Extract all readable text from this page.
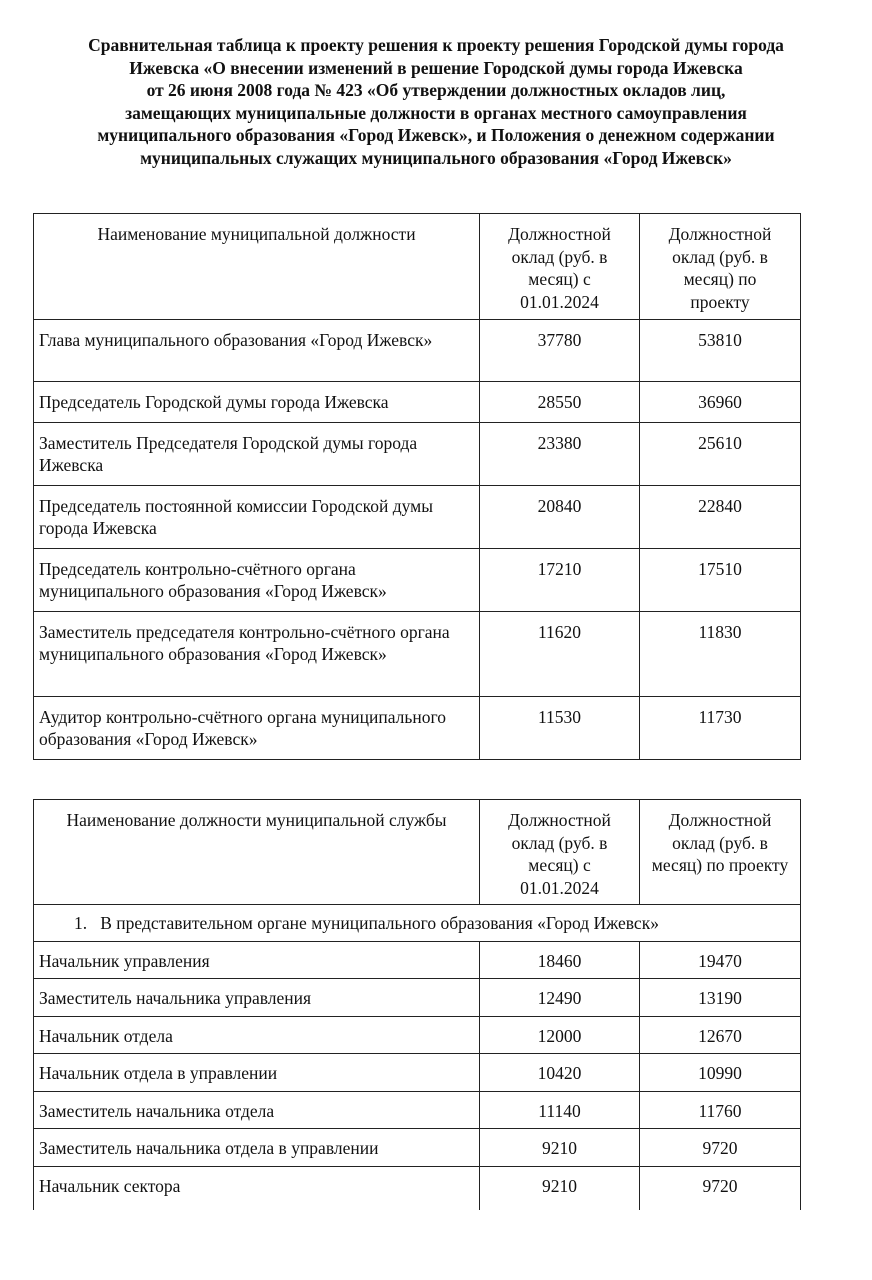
Сравнительная таблица к проекту решения к проекту решения Городской думы города
Ижевска «О внесении изменений в решение Городской думы города Ижевска
от 26 июня 2008 года № 423 «Об утверждении должностных окладов лиц,
замещающих муниципальные должности в органах местного самоуправления
муниципального образования «Город Ижевск», и Положения о денежном содержании
муниципальных служащих муниципального образования «Город Ижевск»
Наименование муниципальной должности	Должностной оклад (руб. в месяц) с 01.01.2024	Должностной оклад (руб. в месяц) по проекту
Глава муниципального образования «Город Ижевск»	37780	53810
Председатель Городской думы города Ижевска	28550	36960
Заместитель Председателя Городской думы города Ижевска	23380	25610
Председатель постоянной комиссии Городской думы города Ижевска	20840	22840
Председатель контрольно-счётного органа муниципального образования «Город Ижевск»	17210	17510
Заместитель председателя контрольно-счётного органа муниципального образования «Город Ижевск»	11620	11830
Аудитор контрольно-счётного органа муниципального образования «Город Ижевск»	11530	11730
Наименование должности муниципальной службы	Должностной оклад (руб. в месяц) с 01.01.2024	Должностной оклад (руб. в месяц) по проекту
1.   В представительном органе муниципального образования «Город Ижевск»		
Начальник управления	18460	19470
Заместитель начальника управления	12490	13190
Начальник отдела	12000	12670
Начальник отдела в управлении	10420	10990
Заместитель начальника отдела	11140	11760
Заместитель начальника отдела в управлении	9210	9720
Начальник сектора	9210	9720
